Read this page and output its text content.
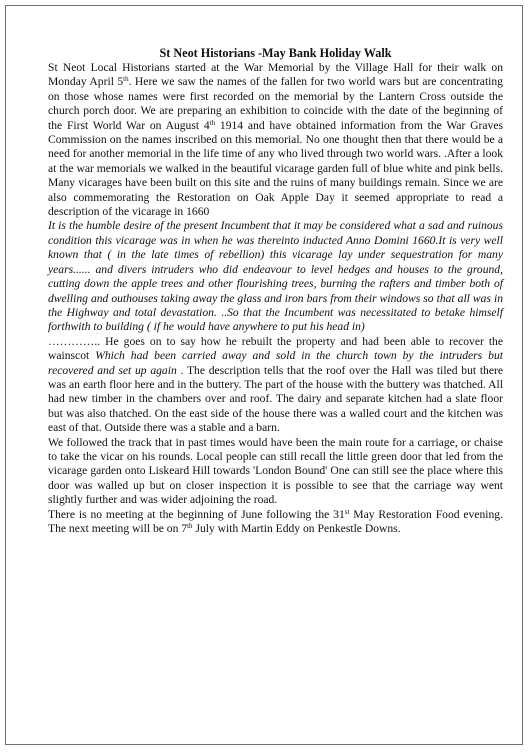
St Neot Historians -May Bank Holiday Walk

St Neot Local Historians started at the War Memorial by the Village Hall for their walk on Monday April 5th. Here we saw the names of the fallen for two world wars but are concentrating on those whose names were first recorded on the memorial by the Lantern Cross outside the church porch door. We are preparing an exhibition to coincide with the date of the beginning of the First World War on August 4th 1914 and have obtained information from the War Graves Commission on the names inscribed on this memorial. No one thought then that there would be a need for another memorial in the life time of any who lived through two world wars. .After a look at the war memorials we walked in the beautiful vicarage garden full of blue white and pink bells. Many vicarages have been built on this site and the ruins of many buildings remain. Since we are also commemorating the Restoration on Oak Apple Day it seemed appropriate to read a description of the vicarage in 1660

It is the humble desire of the present Incumbent that it may be considered what a sad and ruinous condition this vicarage was in when he was thereinto inducted Anno Domini 1660.It is very well known that ( in the late times of rebellion) this vicarage lay under sequestration for many years...... and divers intruders who did endeavour to level hedges and houses to the ground, cutting down the apple trees and other flourishing trees, burning the rafters and timber both of dwelling and outhouses taking away the glass and iron bars from their windows so that all was in the Highway and total devastation. ..So that the Incumbent was necessitated to betake himself forthwith to building ( if he would have anywhere to put his head in)

………….. He goes on to say how he rebuilt the property and had been able to recover the wainscot Which had been carried away and sold in the church town by the intruders but recovered and set up again . The description tells that the roof over the Hall was tiled but there was an earth floor here and in the buttery. The part of the house with the buttery was thatched. All had new timber in the chambers over and roof. The dairy and separate kitchen had a slate floor but was also thatched. On the east side of the house there was a walled court and the kitchen was east of that. Outside there was a stable and a barn.

We followed the track that in past times would have been the main route for a carriage, or chaise to take the vicar on his rounds. Local people can still recall the little green door that led from the vicarage garden onto Liskeard Hill towards 'London Bound' One can still see the place where this door was walled up but on closer inspection it is possible to see that the carriage way went slightly further and was wider adjoining the road.

There is no meeting at the beginning of June following the 31st May Restoration Food evening. The next meeting will be on 7th July with Martin Eddy on Penkestle Downs.
